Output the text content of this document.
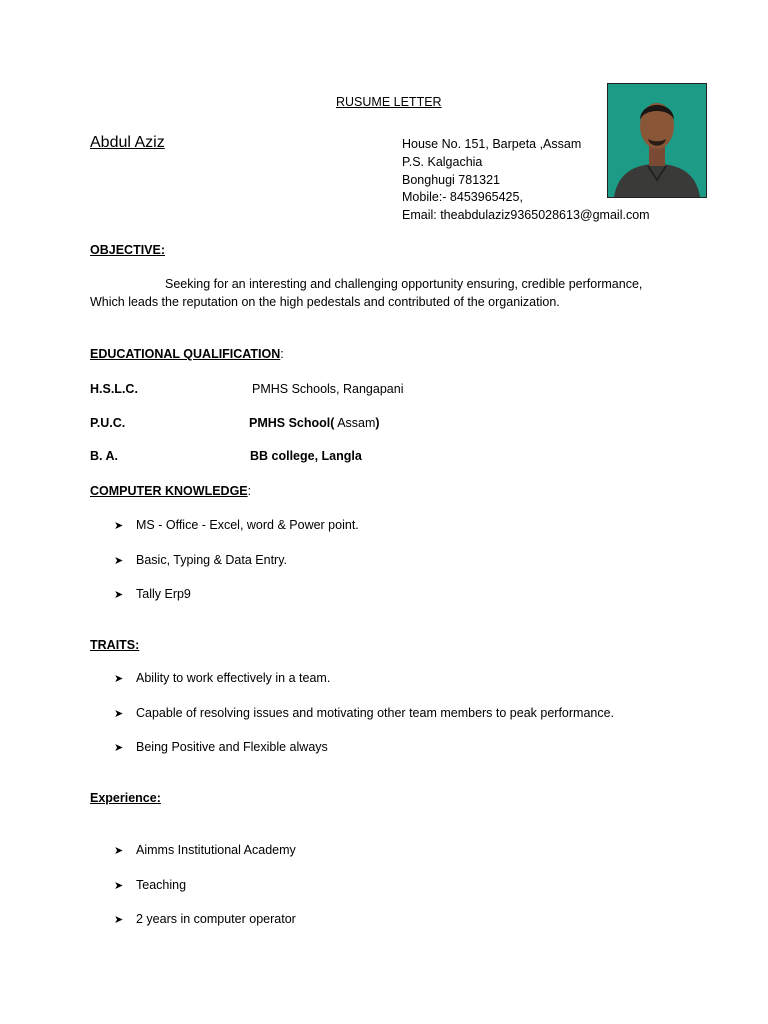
RUSUME LETTER
Abdul Aziz	House No. 151, Barpeta ,Assam
P.S. Kalgachia
Bonghugi 781321
Mobile:- 8453965425,
Email: theabdulaziz9365028613@gmail.com
OBJECTIVE:
Seeking for an interesting and challenging opportunity ensuring, credible performance,
Which leads the reputation on the high pedestals and contributed of the organization.
EDUCATIONAL QUALIFICATION:
H.S.L.C.	PMHS Schools, Rangapani
P.U.C.	PMHS School( Assam)
B. A.	BB college, Langla
COMPUTER KNOWLEDGE:
➤ MS - Office - Excel, word & Power point.
➤ Basic, Typing & Data Entry.
➤ Tally Erp9
TRAITS:
➤ Ability to work effectively in a team.
➤ Capable of resolving issues and motivating other team members to peak performance.
➤ Being Positive and Flexible always
Experience:
➤ Aimms Institutional Academy
➤ Teaching
➤ 2 years in computer operator
